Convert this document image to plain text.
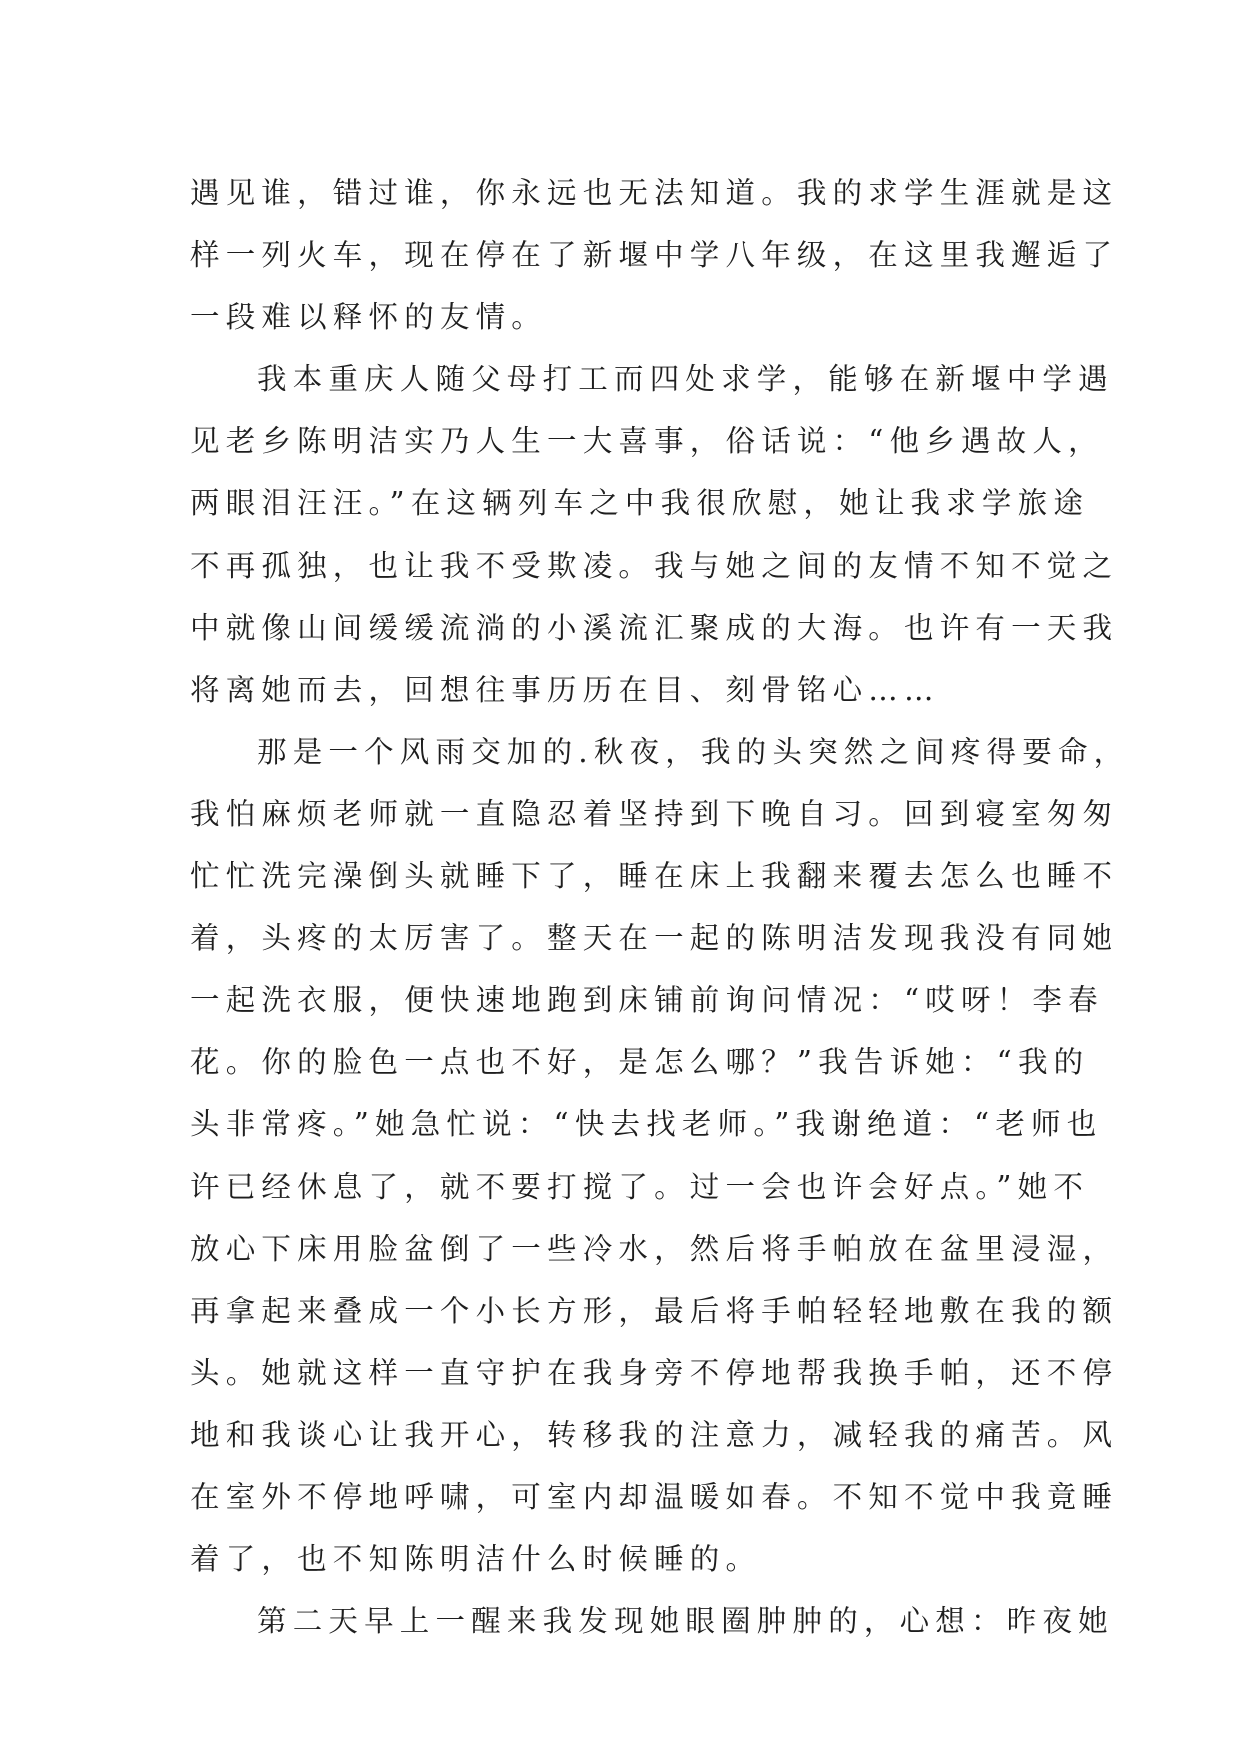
遇见谁，错过谁，你永远也无法知道。我的求学生涯就是这
样一列火车，现在停在了新堰中学八年级，在这里我邂逅了
一段难以释怀的友情。
我本重庆人随父母打工而四处求学，能够在新堰中学遇
见老乡陈明洁实乃人生一大喜事，俗话说：“他乡遇故人，
两眼泪汪汪。”在这辆列车之中我很欣慰，她让我求学旅途
不再孤独，也让我不受欺凌。我与她之间的友情不知不觉之
中就像山间缓缓流淌的小溪流汇聚成的大海。也许有一天我
将离她而去，回想往事历历在目、刻骨铭心……
那是一个风雨交加的.秋夜，我的头突然之间疼得要命，
我怕麻烦老师就一直隐忍着坚持到下晚自习。回到寝室匆匆
忙忙洗完澡倒头就睡下了，睡在床上我翻来覆去怎么也睡不
着，头疼的太厉害了。整天在一起的陈明洁发现我没有同她
一起洗衣服，便快速地跑到床铺前询问情况：“哎呀！李春
花。你的脸色一点也不好，是怎么哪？”我告诉她：“我的
头非常疼。”她急忙说：“快去找老师。”我谢绝道：“老师也
许已经休息了，就不要打搅了。过一会也许会好点。”她不
放心下床用脸盆倒了一些冷水，然后将手帕放在盆里浸湿，
再拿起来叠成一个小长方形，最后将手帕轻轻地敷在我的额
头。她就这样一直守护在我身旁不停地帮我换手帕，还不停
地和我谈心让我开心，转移我的注意力，减轻我的痛苦。风
在室外不停地呼啸，可室内却温暖如春。不知不觉中我竟睡
着了，也不知陈明洁什么时候睡的。
第二天早上一醒来我发现她眼圈肿肿的，心想：昨夜她
